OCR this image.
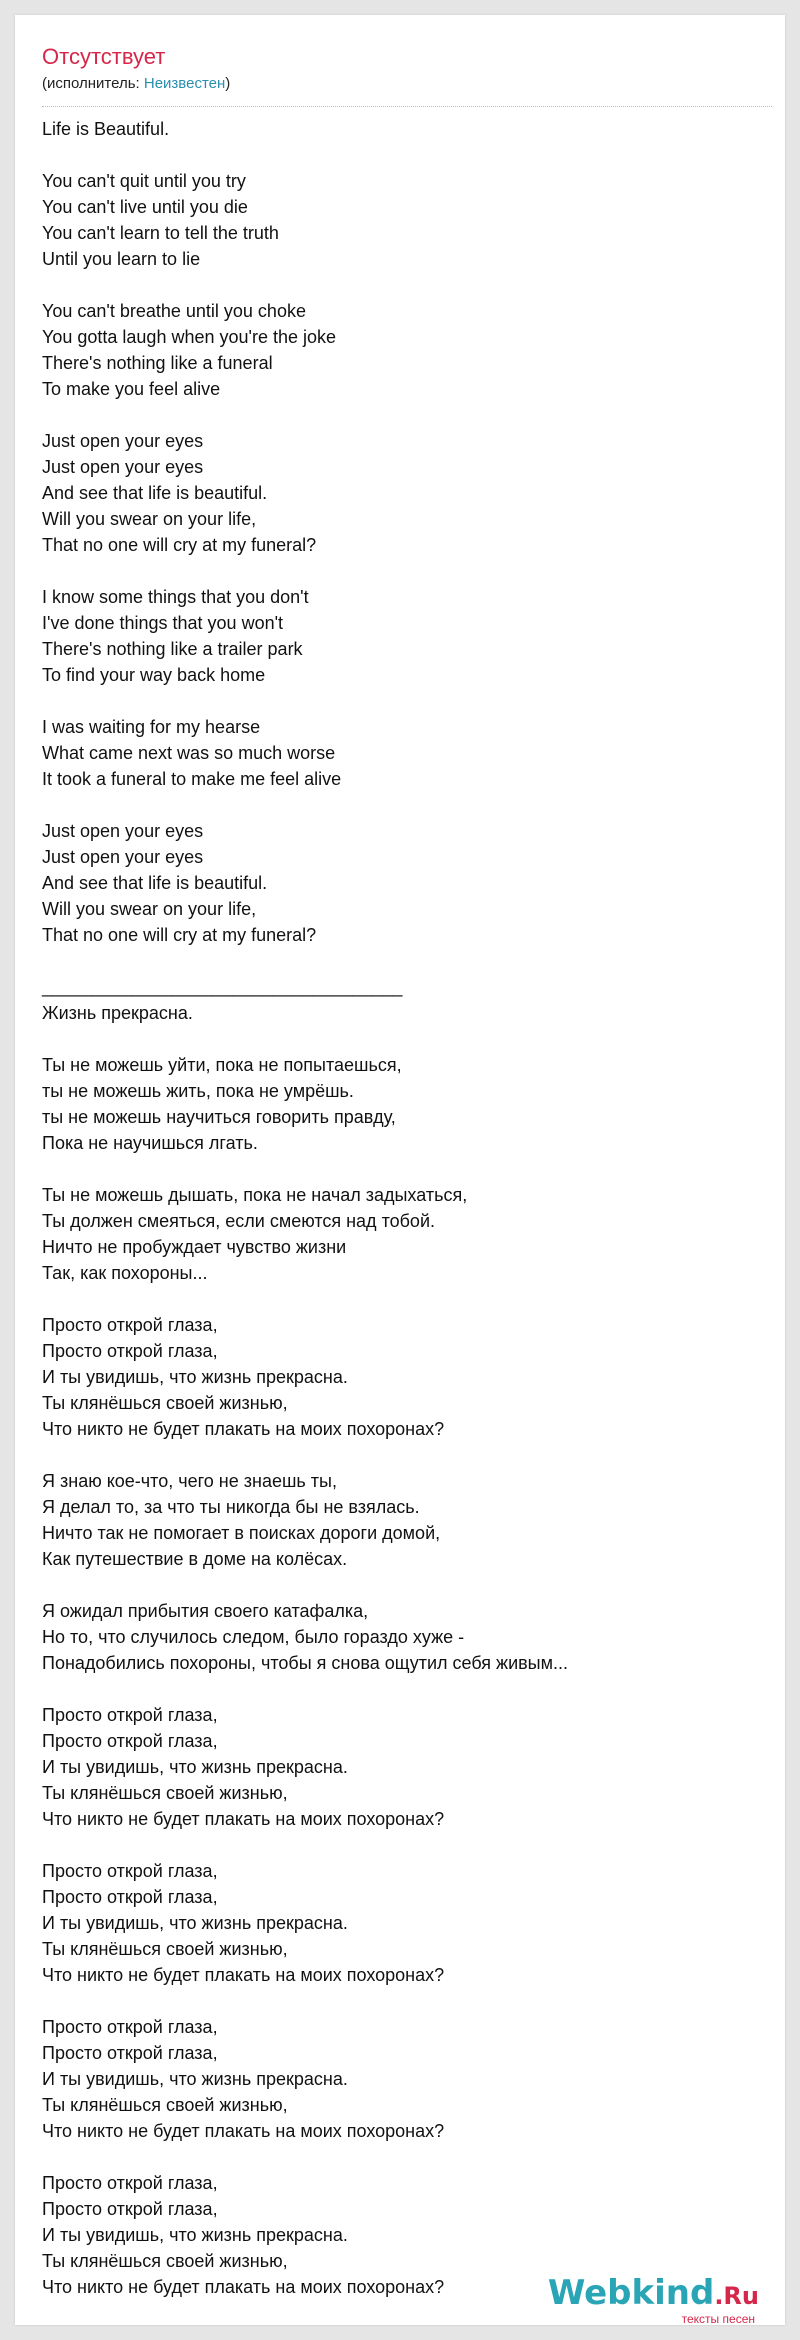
Отсутствует
(исполнитель: Неизвестен)
Life is Beautiful.

You can't quit until you try
You can't live until you die
You can't learn to tell the truth
Until you learn to lie

You can't breathe until you choke
You gotta laugh when you're the joke
There's nothing like a funeral
To make you feel alive

Just open your eyes
Just open your eyes
And see that life is beautiful.
Will you swear on your life,
That no one will cry at my funeral?

I know some things that you don't
I've done things that you won't
There's nothing like a trailer park
To find your way back home

I was waiting for my hearse
What came next was so much worse
It took a funeral to make me feel alive

Just open your eyes
Just open your eyes
And see that life is beautiful.
Will you swear on your life,
That no one will cry at my funeral?

____________________________________
Жизнь прекрасна.

Ты не можешь уйти, пока не попытаешься,
ты не можешь жить, пока не умрёшь.
ты не можешь научиться говорить правду,
Пока не научишься лгать.

Ты не можешь дышать, пока не начал задыхаться,
Ты должен смеяться, если смеются над тобой.
Ничто не пробуждает чувство жизни
Так, как похороны...

Просто открой глаза,
Просто открой глаза,
И ты увидишь, что жизнь прекрасна.
Ты клянёшься своей жизнью,
Что никто не будет плакать на моих похоронах?

Я знаю кое-что, чего не знаешь ты,
Я делал то, за что ты никогда бы не взялась.
Ничто так не помогает в поисках дороги домой,
Как путешествие в доме на колёсах.

Я ожидал прибытия своего катафалка,
Но то, что случилось следом, было гораздо хуже -
Понадобились похороны, чтобы я снова ощутил себя живым...

Просто открой глаза,
Просто открой глаза,
И ты увидишь, что жизнь прекрасна.
Ты клянёшься своей жизнью,
Что никто не будет плакать на моих похоронах?

Просто открой глаза,
Просто открой глаза,
И ты увидишь, что жизнь прекрасна.
Ты клянёшься своей жизнью,
Что никто не будет плакать на моих похоронах?

Просто открой глаза,
Просто открой глаза,
И ты увидишь, что жизнь прекрасна.
Ты клянёшься своей жизнью,
Что никто не будет плакать на моих похоронах?

Просто открой глаза,
Просто открой глаза,
И ты увидишь, что жизнь прекрасна.
Ты клянёшься своей жизнью,
Что никто не будет плакать на моих похоронах?	Webkind.Ru
тексты песен
